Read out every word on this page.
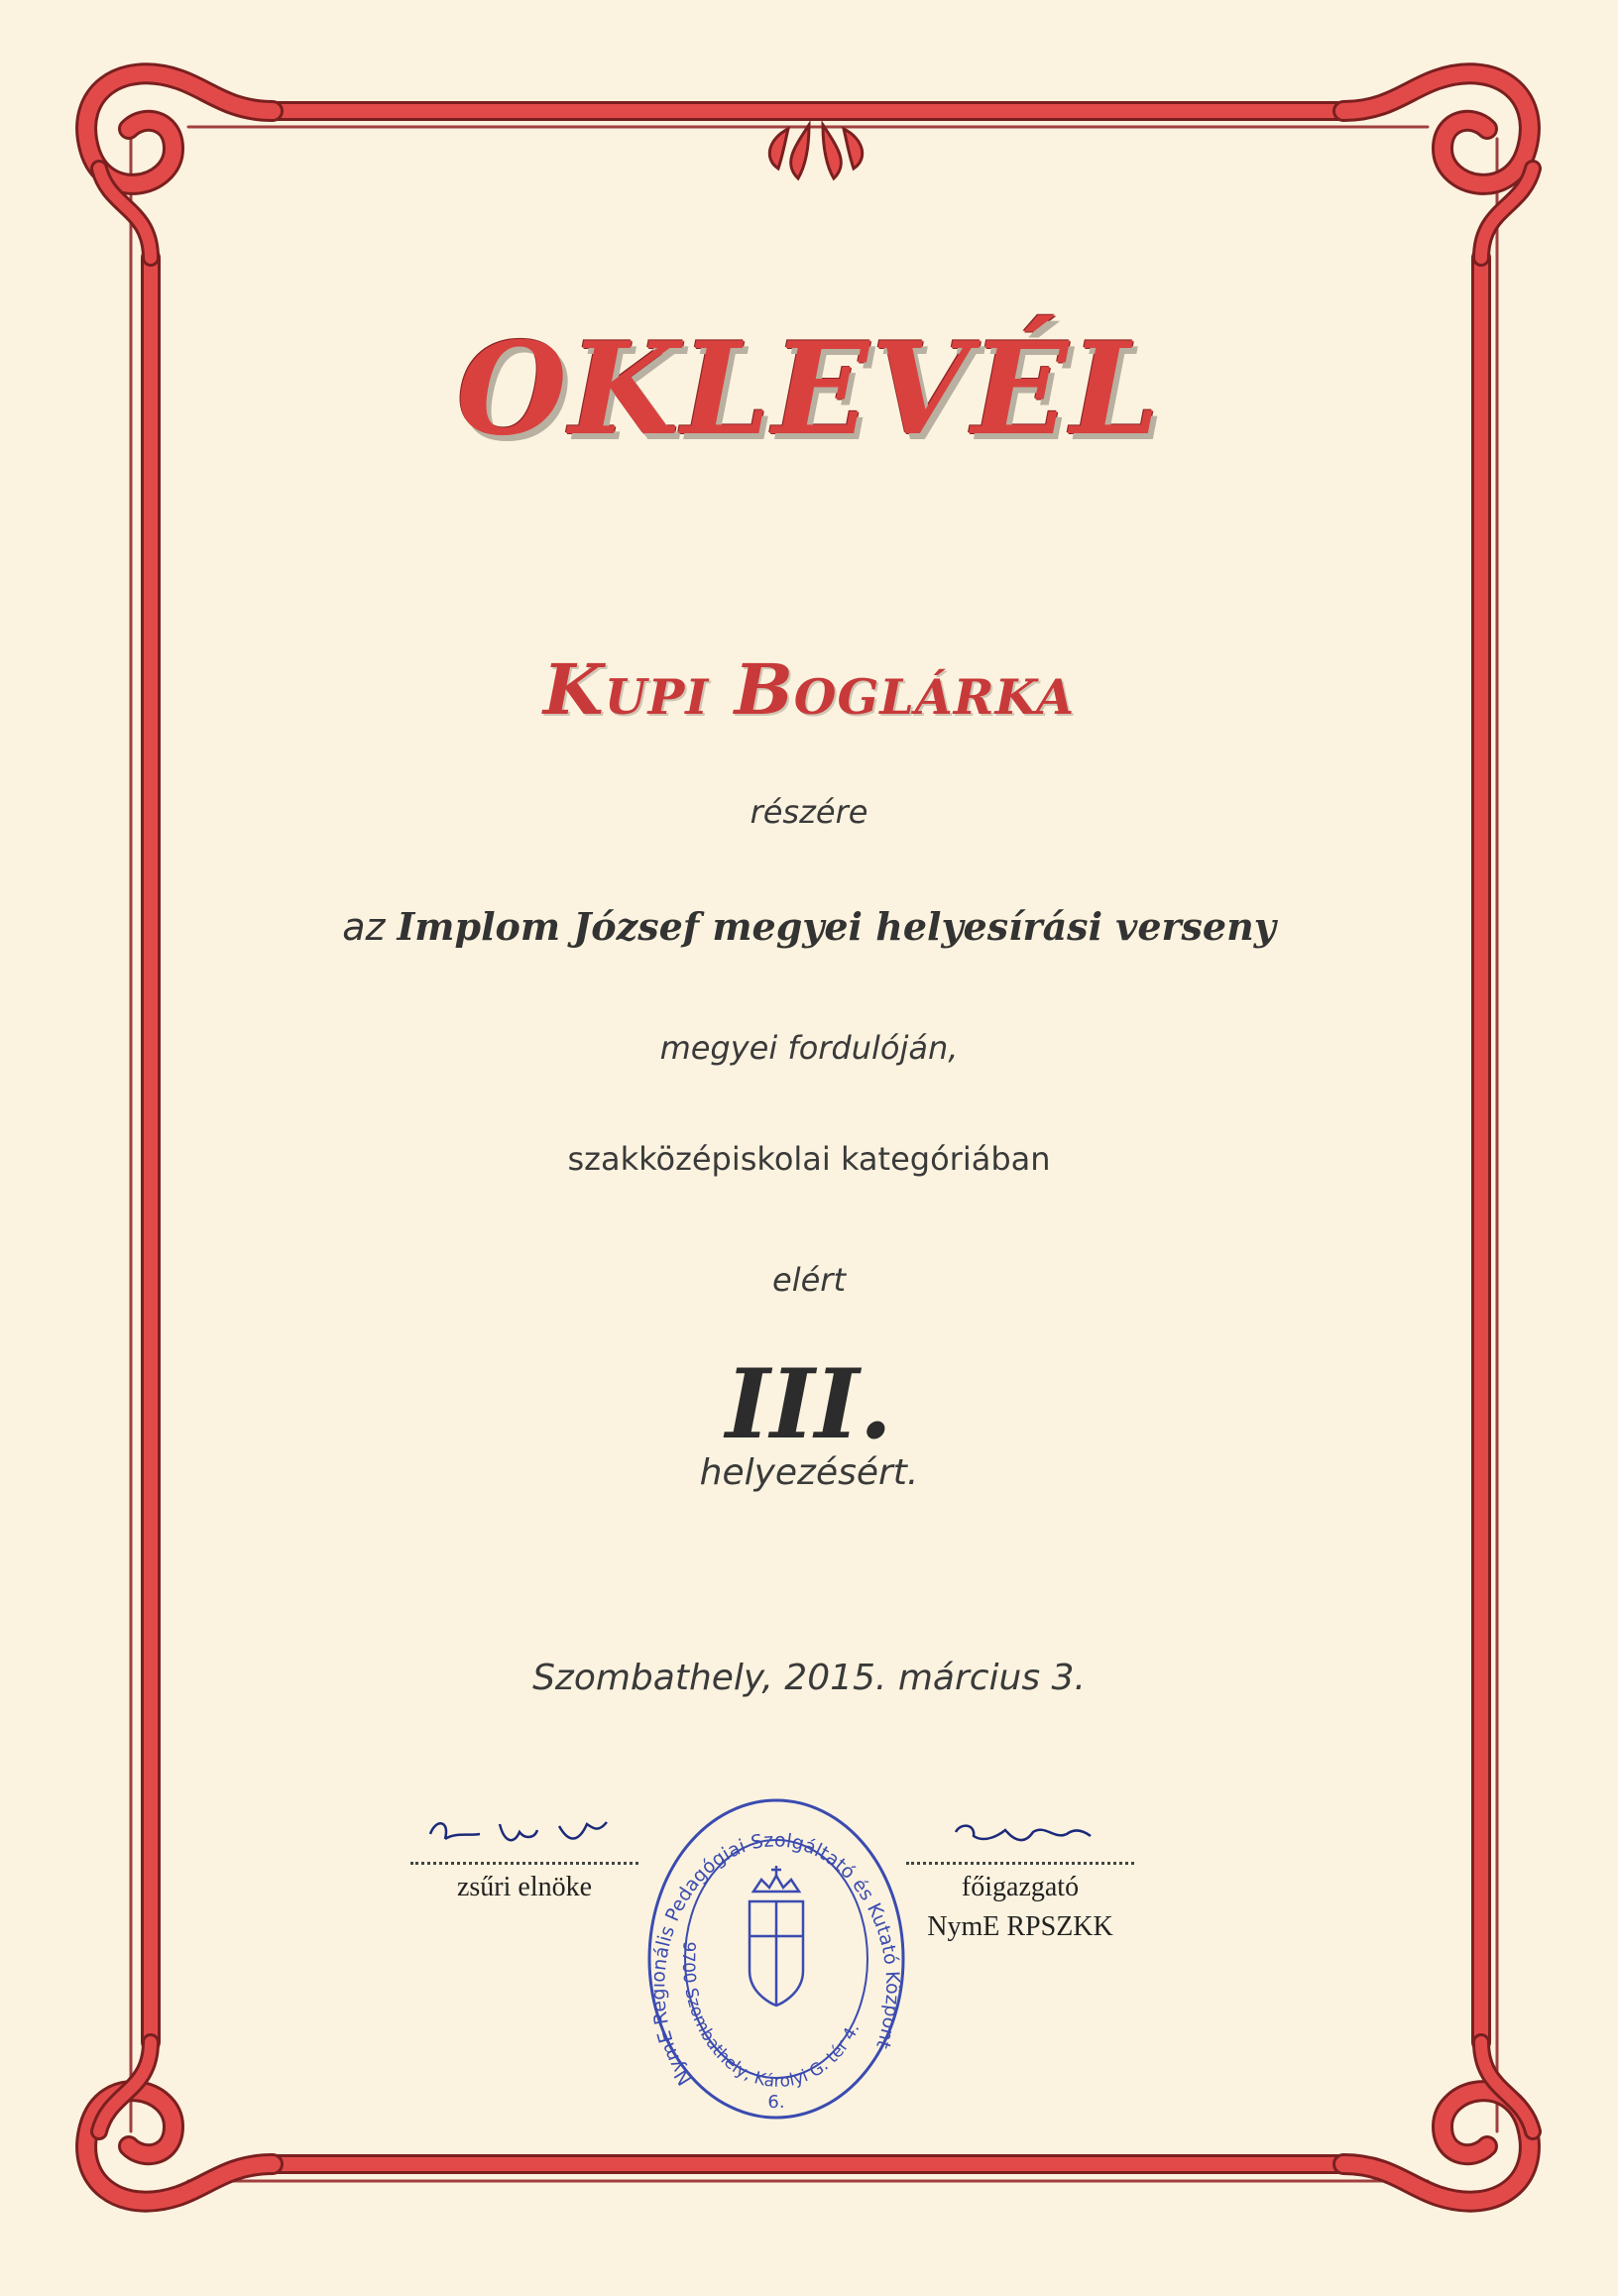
OKLEVÉL
Kupi Boglárka
részére
az Implom József megyei helyesírási verseny
megyei fordulóján,
szakközépiskolai kategóriában
elért
III.
helyezésért.
Szombathely, 2015. március 3.
zsűri elnöke	főigazgató
NymE RPSZKK
NymE Regionális Pedagógiai Szolgáltató és Kutató Központ
9700 Szombathely, Károlyi G. tér 4.
6.
